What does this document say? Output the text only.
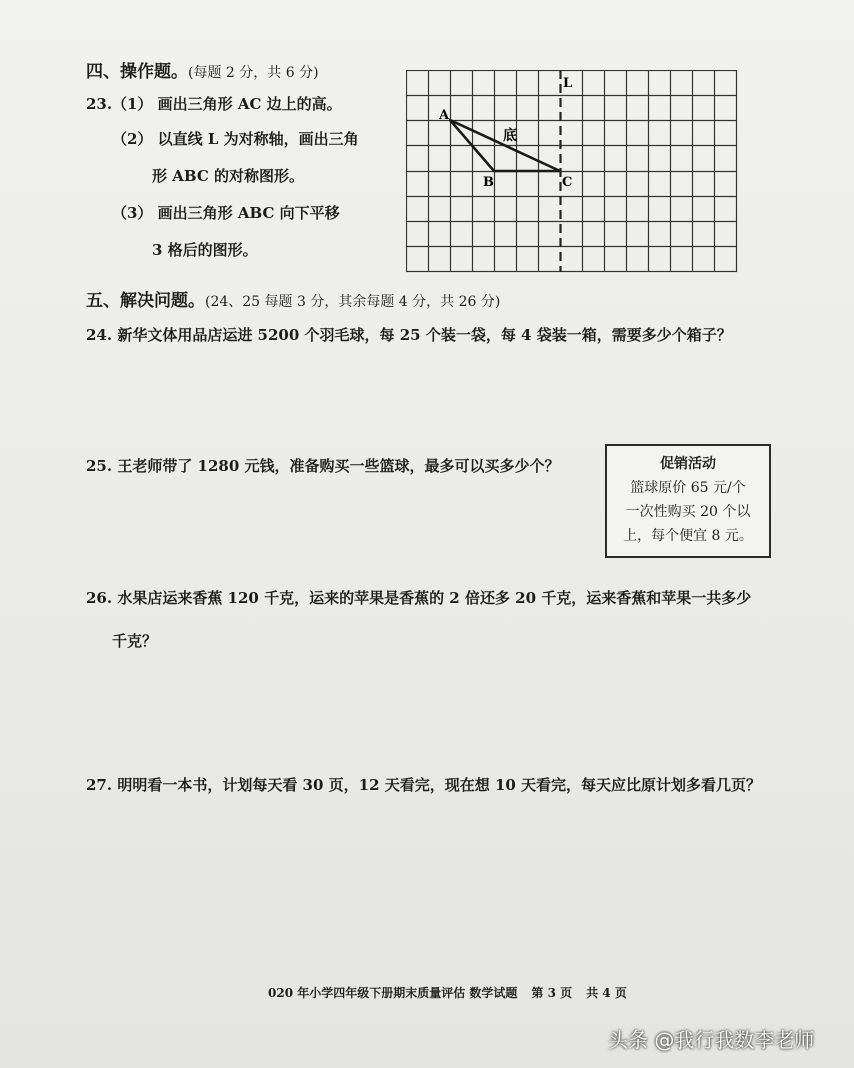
四、操作题。(每题 2 分，共 6 分)
23. （1） 画出三角形 AC 边上的高。
（2） 以直线 L 为对称轴，画出三角
形 ABC 的对称图形。
（3） 画出三角形 ABC 向下平移
3 格后的图形。
L
A
B	C
底
五、解决问题。(24、25 每题 3 分，其余每题 4 分，共 26 分)
24. 新华文体用品店运进 5200 个羽毛球，每 25 个装一袋，每 4 袋装一箱，需要多少个箱子？
25. 王老师带了 1280 元钱，准备购买一些篮球，最多可以买多少个？	促销活动
篮球原价 65 元/个
一次性购买 20 个以
上，每个便宜 8 元。
26. 水果店运来香蕉 120 千克，运来的苹果是香蕉的 2 倍还多 20 千克，运来香蕉和苹果一共多少
千克？
27. 明明看一本书，计划每天看 30 页，12 天看完，现在想 10 天看完，每天应比原计划多看几页？
020 年小学四年级下册期末质量评估 数学试题 第 3 页 共 4 页
头条 @我行我数李老师
